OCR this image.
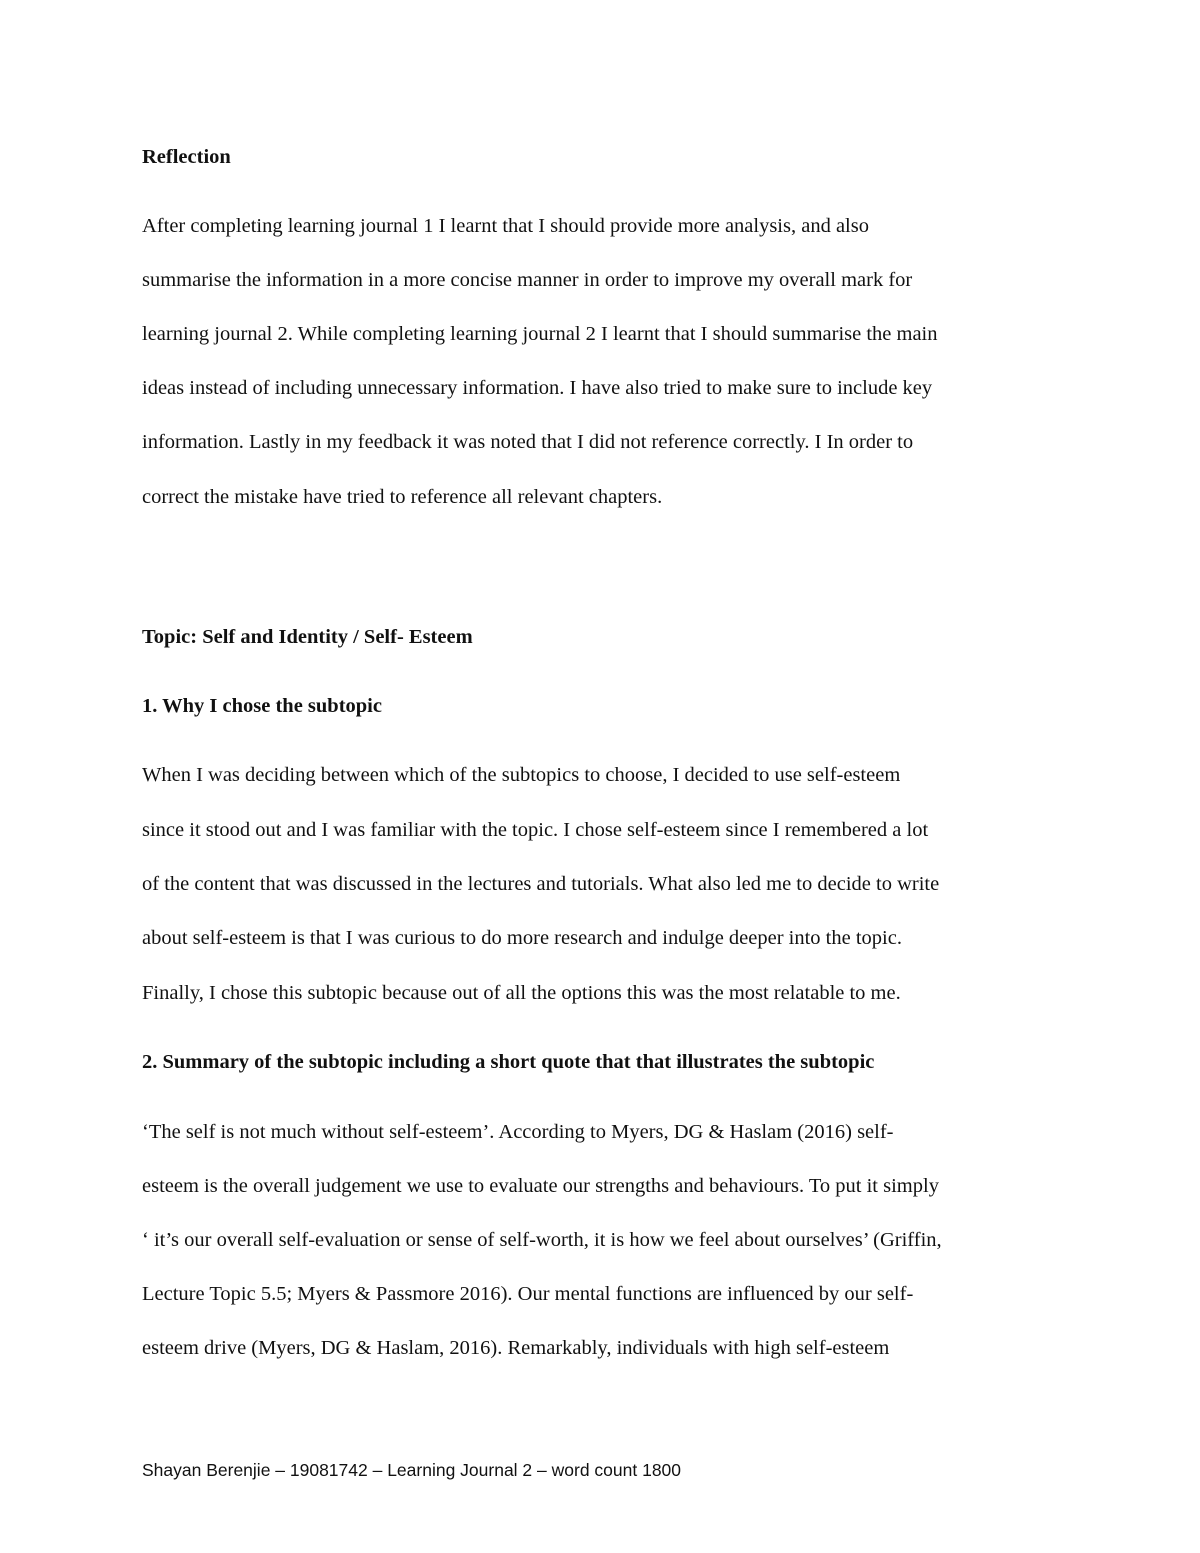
Reflection

After completing learning journal 1 I learnt that I should provide more analysis, and also

summarise the information in a more concise manner in order to improve my overall mark for

learning journal 2. While completing learning journal 2 I learnt that I should summarise the main

ideas instead of including unnecessary information. I have also tried to make sure to include key

information. Lastly in my feedback it was noted that I did not reference correctly. I In order to

correct the mistake have tried to reference all relevant chapters.

Topic: Self and Identity / Self- Esteem

1. Why I chose the subtopic

When I was deciding between which of the subtopics to choose, I decided to use self-esteem

since it stood out and I was familiar with the topic. I chose self-esteem since I remembered a lot

of the content that was discussed in the lectures and tutorials. What also led me to decide to write

about self-esteem is that I was curious to do more research and indulge deeper into the topic.

Finally, I chose this subtopic because out of all the options this was the most relatable to me.

2. Summary of the subtopic including a short quote that that illustrates the subtopic

‘The self is not much without self-esteem’. According to Myers, DG & Haslam (2016) self-

esteem is the overall judgement we use to evaluate our strengths and behaviours. To put it simply

‘ it’s our overall self-evaluation or sense of self-worth, it is how we feel about ourselves’ (Griffin,

Lecture Topic 5.5; Myers & Passmore 2016). Our mental functions are influenced by our self-

esteem drive (Myers, DG & Haslam, 2016). Remarkably, individuals with high self-esteem

Shayan Berenjie – 19081742 – Learning Journal 2 – word count 1800
